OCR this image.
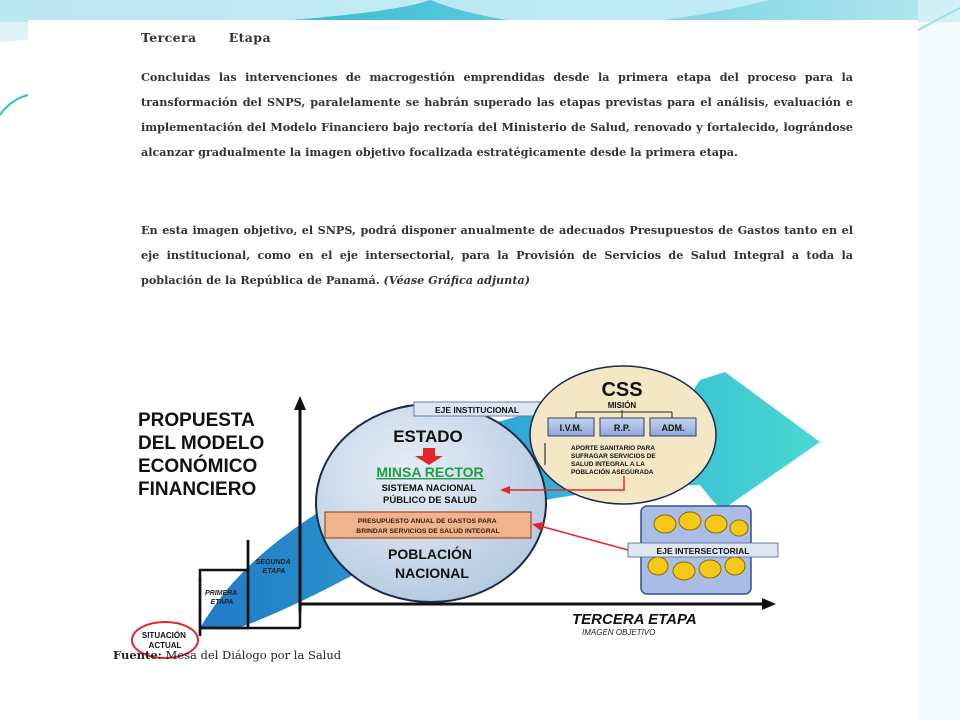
Tercera   Etapa
Concluidas las intervenciones de macrogestión emprendidas desde la primera etapa del proceso para la transformación del SNPS, paralelamente se habrán superado las etapas previstas para el análisis, evaluación e implementación del Modelo Financiero bajo rectoría del Ministerio de Salud, renovado y fortalecido, lográndose alcanzar gradualmente la imagen objetivo focalizada estratégicamente desde la primera etapa.
En esta imagen objetivo, el SNPS, podrá disponer anualmente de adecuados Presupuestos de Gastos tanto en el eje institucional, como en el eje intersectorial, para la Provisión de Servicios de Salud Integral a toda la población de la República de Panamá. (Véase Gráfica adjunta)
PROPUESTA DEL MODELO ECONÓMICO FINANCIERO
PRIMERA ETAPA
SEGUNDA ETAPA
SITUACIÓN ACTUAL
TERCERA ETAPA
IMAGEN OBJETIVO
ESTADO
MINSA RECTOR
SISTEMA NACIONAL PÚBLICO DE SALUD
PRESUPUESTO ANUAL DE GASTOS PARA BRINDAR SERVICIOS DE SALUD INTEGRAL
POBLACIÓN NACIONAL
EJE INSTITUCIONAL
CSS
MISIÓN
I.V.M.	R.P.	ADM.
APORTE SANITARIO PARA SUFRAGAR SERVICIOS DE SALUD INTEGRAL A LA POBLACIÓN ASEGURADA
EJE INTERSECTORIAL
Fuente: Mesa del Diálogo por la Salud
